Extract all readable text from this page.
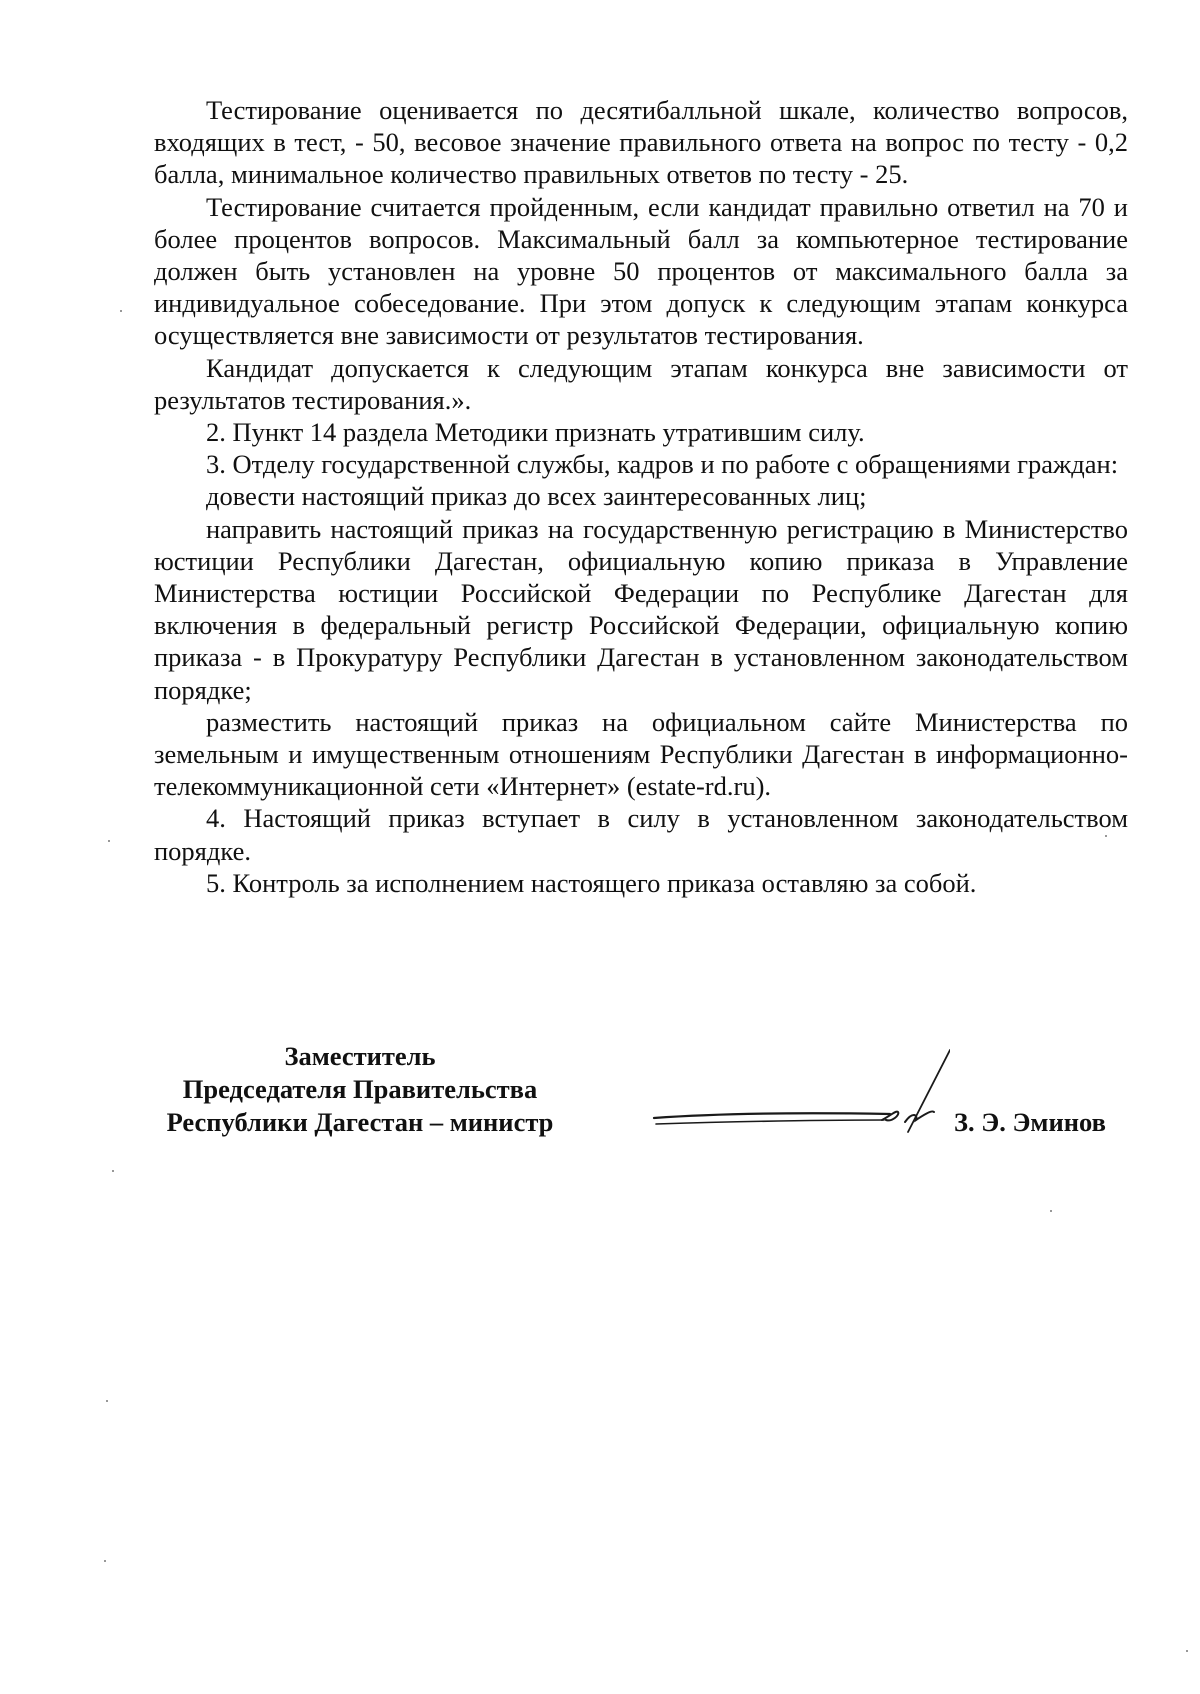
Тестирование оценивается по десятибалльной шкале, количество вопросов, входящих в тест, - 50, весовое значение правильного ответа на вопрос по тесту - 0,2 балла, минимальное количество правильных ответов по тесту - 25.

Тестирование считается пройденным, если кандидат правильно ответил на 70 и более процентов вопросов. Максимальный балл за компьютерное тестирование должен быть установлен на уровне 50 процентов от максимального балла за индивидуальное собеседование. При этом допуск к следующим этапам конкурса осуществляется вне зависимости от результатов тестирования.

Кандидат допускается к следующим этапам конкурса вне зависимости от результатов тестирования.».

2. Пункт 14 раздела Методики признать утратившим силу.

3. Отделу государственной службы, кадров и по работе с обращениями граждан:

довести настоящий приказ до всех заинтересованных лиц;

направить настоящий приказ на государственную регистрацию в Министерство юстиции Республики Дагестан, официальную копию приказа в Управление Министерства юстиции Российской Федерации по Республике Дагестан для включения в федеральный регистр Российской Федерации, официальную копию приказа - в Прокуратуру Республики Дагестан в установленном законодательством порядке;

разместить настоящий приказ на официальном сайте Министерства по земельным и имущественным отношениям Республики Дагестан в информационно-телекоммуникационной сети «Интернет» (estate-rd.ru).

4. Настоящий приказ вступает в силу в установленном законодательством порядке.

5. Контроль за исполнением настоящего приказа оставляю за собой.

Заместитель
Председателя Правительства
Республики Дагестан – министр	З. Э. Эминов
